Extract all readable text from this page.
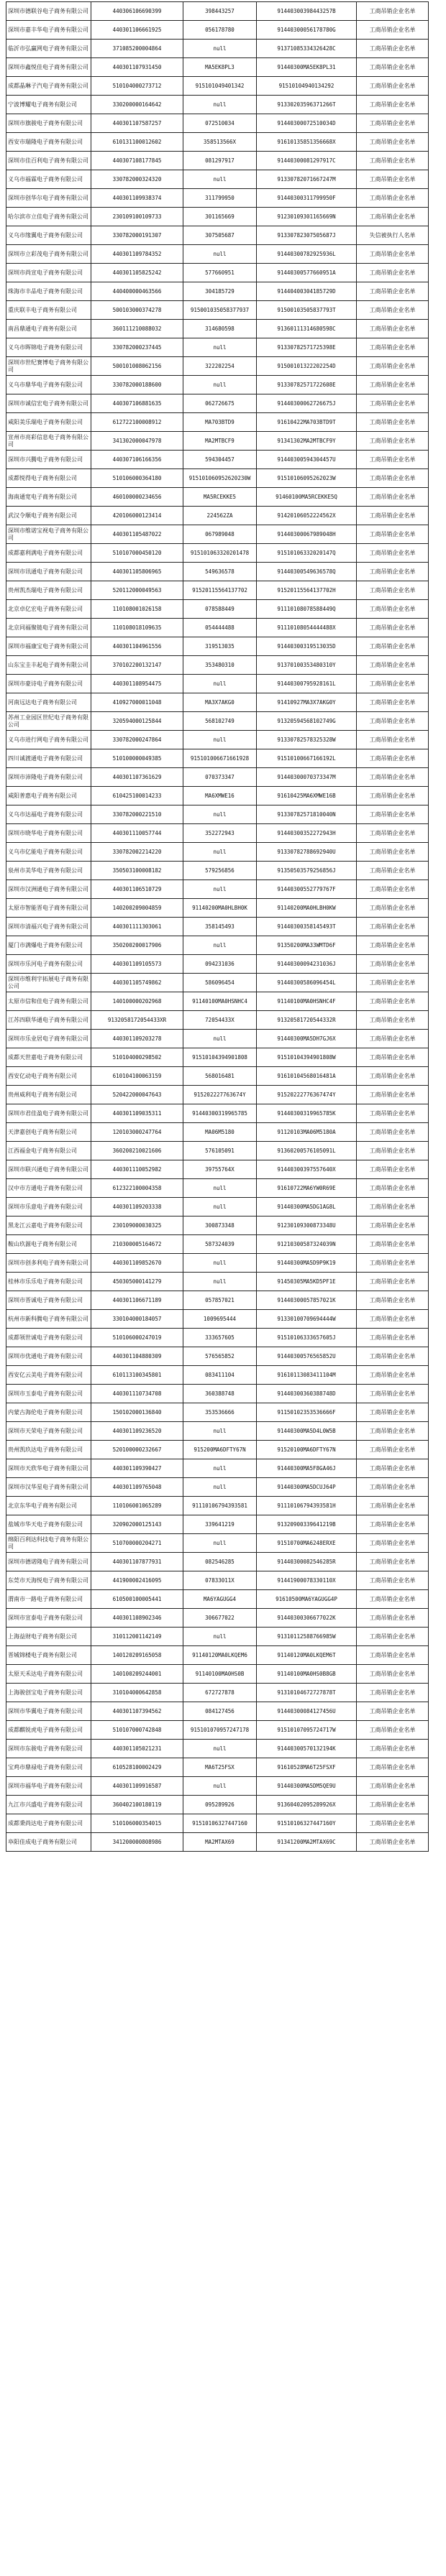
深圳市德联谷电子商务有限公司	440306106690399	398443257	91440300398443257B	工商吊销企业名单
深圳市嘉丰华电子商务有限公司	440301106661925	056178780	91440300056178780G	工商吊销企业名单
临沂市弘赢网电子商务有限公司	371085200004864	null	91371085334326428C	工商吊销企业名单
深圳市鑫悦佳电子商务有限公司	440301107931450	MA5EK8PL3	91440300MA5EK8PL31	工商吊销企业名单
成都晶琳子汽电子商务有限公司	510104000273712	915101049401342	91510104940134292	工商吊销企业名单
宁波博耀电子商务有限公司	330200000164642	null	91330203596371266T	工商吊销企业名单
深圳市旗骏电子商务有限公司	440301107587257	072510034	91440300072510034D	工商吊销企业名单
西安市瑞隆电子商务有限公司	610131100012602	358513566X	91610135851356668X	工商吊销企业名单
深圳市佳百利电子商务有限公司	440307108177845	081297917	91440300081297917C	工商吊销企业名单
义乌市福霖电子商务有限公司	330782000324320	null	91330782071667247M	工商吊销企业名单
深圳市创华尔电子商务有限公司	440301109938374	311799950	91440300311799950F	工商吊销企业名单
哈尔滨市立佳电子商务有限公司	230109100109733	301165669	91230109301165669N	工商吊销企业名单
义乌市缘翼电子商务有限公司	330782000191307	307505687	91330782307505687J	失信被执行人名单
深圳市立彩茂电子商务有限公司	440301109784352	null	91440300782925936L	工商吊销企业名单
深圳市尚宣电子商务有限公司	440301105825242	577660951	91440300577660951A	工商吊销企业名单
珠海市丰品电子商务有限公司	440400000463566	304185729	91440400304185729D	工商吊销企业名单
重庆联丰电子商务有限公司	500103000374278	915001035058377937	91500103505837793T	工商吊销企业名单
南昌鼎通电子商务有限公司	360111210088032	314680598	91360111314680598C	工商吊销企业名单
义乌市晖锦电子商务有限公司	330782000237445	null	91330782571725398E	工商吊销企业名单
深圳市世纪赛博电子商务有限公司	500101008062156	322202254	91500101322202254D	工商吊销企业名单
义乌市鼎华电子商务有限公司	330782000188600	null	91330782571722608E	工商吊销企业名单
深圳市诚信宏电子商务有限公司	440307106881635	062726675	91440300062726675J	工商吊销企业名单
咸阳美乐瑞电子商务有限公司	612722100008912	MA703BTD9	91610422MA703BTD9T	工商吊销企业名单
宣州市亮彩信息电子商务有限公司	341302000047978	MA2MTBCF9	91341302MA2MTBCF9Y	工商吊销企业名单
深圳市兴腾电子商务有限公司	440307106166356	594304457	91440300594304457U	工商吊销企业名单
成都悦得电子商务有限公司	510106000364180	915101060952620230W	91510106095262023W	工商吊销企业名单
海南通宽电子商务有限公司	460100000234656	MA5RCEKKE5	91460100MA5RCEKKE5Q	工商吊销企业名单
武汉令顺电子商务有限公司	420106000123414	224562ZA	91420106052224562X	工商吊销企业名单
深圳市维诺宝视电子商务有限公司	440301105487022	067989048	91440300067989048H	工商吊销企业名单
成都嘉利满电子商务有限公司	510107000450120	915101063320201478	91510106332020147Q	工商吊销企业名单
深圳市讯通电子商务有限公司	440301105806965	549636578	91440300549636578Q	工商吊销企业名单
贵州凯杰瑞电子商务有限公司	520112000049563	91520115564137702	91520115564137702H	工商吊销企业名单
北京卓亿宏电子商务有限公司	110108001026158	078588449	91110108078588449Q	工商吊销企业名单
北京同福聚链电子商务有限公司	110108018109635	054444488	91110108054444488X	工商吊销企业名单
深圳市福康宝电子商务有限公司	440301104961556	319513035	91440300319513035D	工商吊销企业名单
山东宝圭丰起电子商务有限公司	370102200132147	353480310	91370100353480310Y	工商吊销企业名单
深圳市豪诗电子商务有限公司	440301108954475	null	91440300795928161L	工商吊销企业名单
河南远达电子商务有限公司	410927000011048	MA3X7AKG0	91410927MA3X7AKG0Y	工商吊销企业名单
苏州工业园区世纪电子商务有限公司	320594000125844	568102749	91320594568102749G	工商吊销企业名单
义乌市进行网电子商务有限公司	330782000247864	null	91330782578325328W	工商吊销企业名单
四川诚渡通电子商务有限公司	510100000049385	915101006671661928	91510100667166192L	工商吊销企业名单
深圳市沛隆电子商务有限公司	440301107361629	070373347	91440300070373347M	工商吊销企业名单
咸阳普惠电子商务有限公司	610425100014233	MA6XMWE16	91610425MA6XMWE16B	工商吊销企业名单
义乌市达福电子商务有限公司	330782000221510	null	91330782571810040N	工商吊销企业名单
深圳市晓华电子商务有限公司	440301110057744	352272943	91440300352272943H	工商吊销企业名单
义乌市亿能电子商务有限公司	330782002214220	null	91330782788692940U	工商吊销企业名单
泉州市美华电子商务有限公司	350503100008182	579256856	91350503579256856J	工商吊销企业名单
深圳市汉洲通电子商务有限公司	440301106510729	null	91440300552779767F	工商吊销企业名单
太原市智能晋电子商务有限公司	140200209004859	91140200MA0HLBH0K	91140200MA0HLBH0KW	工商吊销企业名单
深圳市清福兴电子商务有限公司	440301111303061	358145493	91440300358145493T	工商吊销企业名单
厦门市满爆电子商务有限公司	350200200017906	null	91350200MA33WMTD6F	工商吊销企业名单
深圳市乐河电子商务有限公司	440301109105573	094231036	91440300094231036J	工商吊销企业名单
深圳市维利宇拓展电子商务有限公司	440301105749862	586096454	91440300586096454L	工商吊销企业名单
太原市信和佳电子商务有限公司	140100000202968	91140100MA0HSNHC4	91140100MA0HSNHC4F	工商吊销企业名单
江苏四联华通电子商务有限公司	9132058172054433XR	72054433X	91320581720544332R	工商吊销企业名单
深圳市乐业居电子商务有限公司	440301109203278	null	91440300MA5DH7GJ6X	工商吊销企业名单
成都天世嘉电子商务有限公司	510104000298502	91510104394901808	91510104394901808W	工商吊销企业名单
西安亿动电子商务有限公司	610104100063159	568016481	91610104568016481A	工商吊销企业名单
贵州威利电子商务有限公司	520422000047643	915202227763674Y	91520222776367474Y	工商吊销企业名单
深圳市君佳盈电子商务有限公司	440301109035311	91440300319965785	91440300319965785K	工商吊销企业名单
天津嘉创电子商务有限公司	120103000247764	MA06M5180	91120103MA06M5180A	工商吊销企业名单
江西福金电子商务有限公司	360200210021606	576105091	91360200576105091L	工商吊销企业名单
深圳市联兴通电子商务有限公司	440301110052982	39755764X	91440300397557640X	工商吊销企业名单
汉中市方通电子商务有限公司	612322100004358	null	91610722MA6YW0R69E	工商吊销企业名单
深圳市乐意电子商务有限公司	440301109203338	null	91440300MA5DG1AG8L	工商吊销企业名单
黑龙江云嘉电子商务有限公司	230109000030325	300873348	91230109300873348U	工商吊销企业名单
鞍山玖源电子商务有限公司	210300005164672	587324039	91210300587324039N	工商吊销企业名单
深圳市创多利电子商务有限公司	440301109852670	null	91440300MA5D9P9K19	工商吊销企业名单
桂林市乐乐电子商务有限公司	450305000141279	null	91450305MA5KD5PF1E	工商吊销企业名单
深圳市晋诚电子商务有限公司	440301106671189	057857021	91440300057857021K	工商吊销企业名单
杭州市新科腾电子商务有限公司	330104000184057	1009695444	91330100709694444W	工商吊销企业名单
成都领世诚电子商务有限公司	510106000247019	333657605	91510106333657605J	工商吊销企业名单
深圳市优通电子商务有限公司	440301104880309	576565852	91440300576565852U	工商吊销企业名单
西安亿云美电子商务有限公司	610113100345801	083411104	91610113083411104M	工商吊销企业名单
深圳市玉泰电子商务有限公司	440301110734708	360388748	91440300360388748D	工商吊销企业名单
内蒙古海伦电子商务有限公司	150102000136840	353536666	91150102353536666F	工商吊销企业名单
深圳市天荣电子商务有限公司	440301109236520	null	91440300MA5D4L0W5B	工商吊销企业名单
贵州凯玖达电子商务有限公司	520100000232667	915200MA6DFTY67N	91520100MA6DFTY67N	工商吊销企业名单
深圳市天欣华电子商务有限公司	440301109390427	null	91440300MA5F8GA46J	工商吊销企业名单
深圳市汉华星电子商务有限公司	440301109765048	null	91440300MA5DCUJ64P	工商吊销企业名单
北京东华电子商务有限公司	110106001065289	91110106794393581	91110106794393581H	工商吊销企业名单
盐城市华天电子商务有限公司	320902000125143	339641219	91320900339641219B	工商吊销企业名单
绵阳百利达科技电子商务有限公司	510700000204271	null	91510700MA6248ERXE	工商吊销企业名单
深圳市德诺隆电子商务有限公司	440301107877931	082546285	91440300082546285R	工商吊销企业名单
东莞市天海悦电子商务有限公司	441900002416095	07833011X	91441900078330110X	工商吊销企业名单
渭南市一路电子商务有限公司	610500100005441	MA6YAGUGG4	91610500MA6YAGUGG4P	工商吊销企业名单
深圳市宣泰电子商务有限公司	440301108902346	306677022	91440300306677022K	工商吊销企业名单
上海益财电子商务有限公司	310112001142149	null	91310112588766985W	工商吊销企业名单
晋城锦楼电子商务有限公司	140120209165058	91140120MA0LKQEM6	91140120MA0LKQEM6T	工商吊销企业名单
太原天禾达电子商务有限公司	140100209244001	91140100MA0HS0B	91140100MA0HS0B8GB	工商吊销企业名单
上海骏创宝电子商务有限公司	310104000642858	672727878	91310104672727878T	工商吊销企业名单
深圳市华翼电子商务有限公司	440301107394562	084127456	91440300084127456U	工商吊销企业名单
成都麒锐虎电子商务有限公司	510107000742848	915101070957247178	91510107095724717W	工商吊销企业名单
深圳市东骏电子商务有限公司	440301105021231	null	91440300570132194K	工商吊销企业名单
宝鸡市鼎禄电子商务有限公司	610528100002429	MA6T25FSX	91610528MA6T25FSXF	工商吊销企业名单
深圳市福华电子商务有限公司	440301109916587	null	91440300MA5DM5QE9U	工商吊销企业名单
九江市兴盛电子商务有限公司	360402100180119	095289926	91360402095289926X	工商吊销企业名单
成都秉尚达电子商务有限公司	510106000354015	91510106327447160	91510106327447160Y	工商吊销企业名单
阜阳佳成电子商务有限公司	341200000808986	MA2MTAX69	91341200MA2MTAX69C	工商吊销企业名单
